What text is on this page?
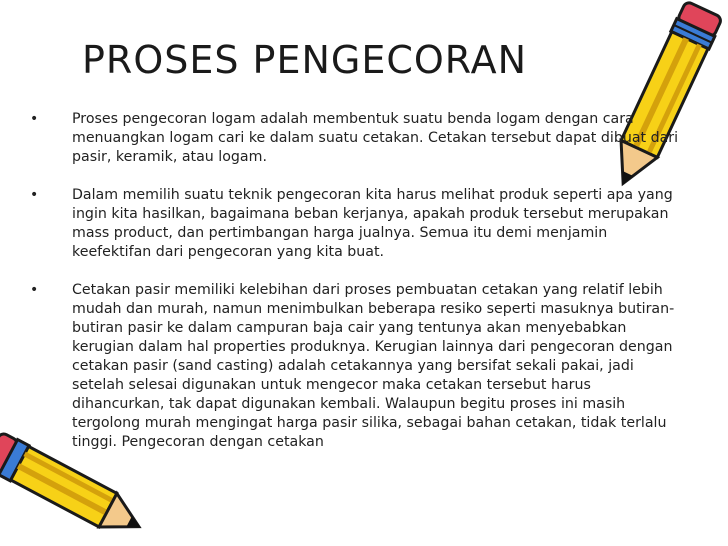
PROSES PENGECORAN
•	Proses pengecoran logam adalah membentuk suatu benda logam dengan cara menuangkan logam cari ke dalam suatu cetakan. Cetakan tersebut dapat dibuat dari pasir, keramik, atau logam.
•	Dalam memilih suatu teknik pengecoran kita harus melihat produk seperti apa yang ingin kita hasilkan, bagaimana beban kerjanya, apakah produk tersebut merupakan mass product, dan pertimbangan harga jualnya. Semua itu demi menjamin keefektifan dari pengecoran yang kita buat.
•	Cetakan pasir memiliki kelebihan dari proses pembuatan cetakan yang relatif lebih mudah dan murah, namun menimbulkan beberapa resiko seperti masuknya butiran-butiran pasir ke dalam campuran baja cair yang tentunya akan menyebabkan kerugian dalam hal properties produknya. Kerugian lainnya dari pengecoran dengan cetakan pasir (sand casting) adalah cetakannya yang bersifat sekali pakai, jadi setelah selesai digunakan untuk mengecor maka cetakan tersebut harus dihancurkan, tak dapat digunakan kembali. Walaupun begitu proses ini masih tergolong murah mengingat harga pasir silika, sebagai bahan cetakan, tidak terlalu tinggi. Pengecoran dengan cetakan
